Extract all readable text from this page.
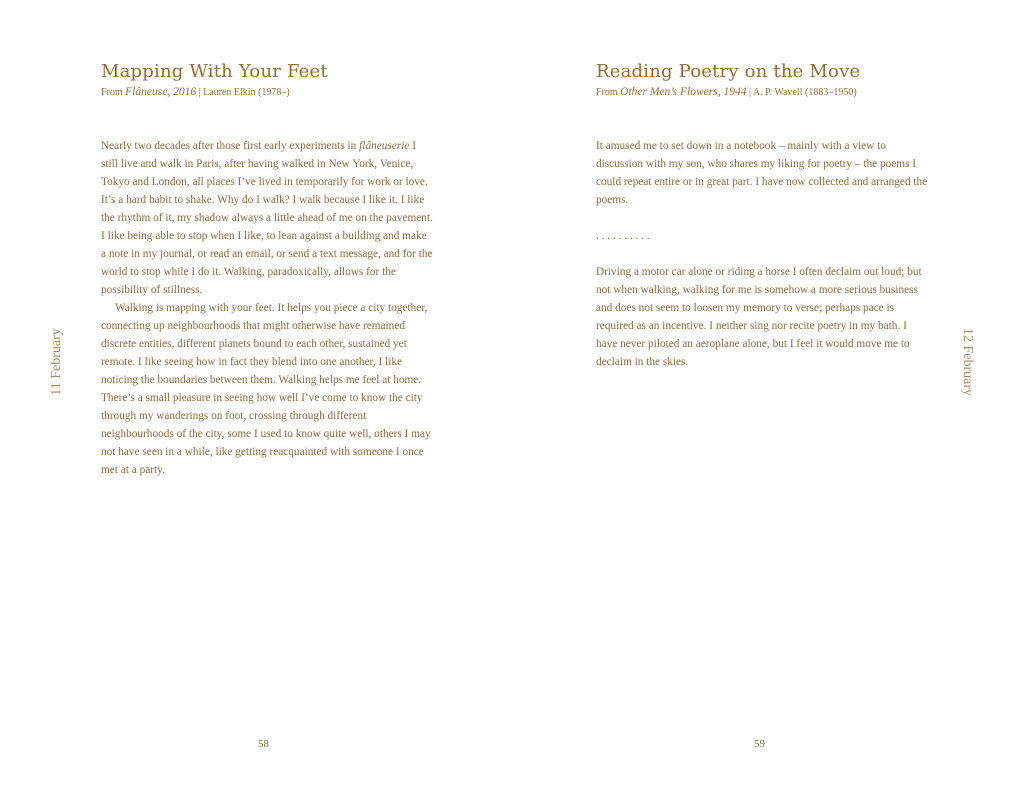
Mapping With Your Feet
From Flâneuse, 2016 | Lauren Elkin (1978–)

Nearly two decades after those first early experiments in flâneuserie I still live and walk in Paris, after having walked in New York, Venice, Tokyo and London, all places I’ve lived in temporarily for work or love. It’s a hard habit to shake. Why do I walk? I walk because I like it. I like the rhythm of it, my shadow always a little ahead of me on the pavement. I like being able to stop when I like, to lean against a building and make a note in my journal, or read an email, or send a text message, and for the world to stop while I do it. Walking, paradoxically, allows for the possibility of stillness.

Walking is mapping with your feet. It helps you piece a city together, connecting up neighbourhoods that might otherwise have remained discrete entities, different planets bound to each other, sustained yet remote. I like seeing how in fact they blend into one another, I like noticing the boundaries between them. Walking helps me feel at home. There’s a small pleasure in seeing how well I’ve come to know the city through my wanderings on foot, crossing through different neighbourhoods of the city, some I used to know quite well, others I may not have seen in a while, like getting reacquainted with someone I once met at a party.

11 February
58
Reading Poetry on the Move
From Other Men’s Flowers, 1944 | A. P. Wavell (1883–1950)

It amused me to set down in a notebook – mainly with a view to discussion with my son, who shares my liking for poetry – the poems I could repeat entire or in great part. I have now collected and arranged the poems.

. . . . . . . . . .

Driving a motor car alone or riding a horse I often declaim out loud; but not when walking, walking for me is somehow a more serious business and does not seem to loosen my memory to verse; perhaps pace is required as an incentive. I neither sing nor recite poetry in my bath. I have never piloted an aeroplane alone, but I feel it would move me to declaim in the skies.

59
12 February
